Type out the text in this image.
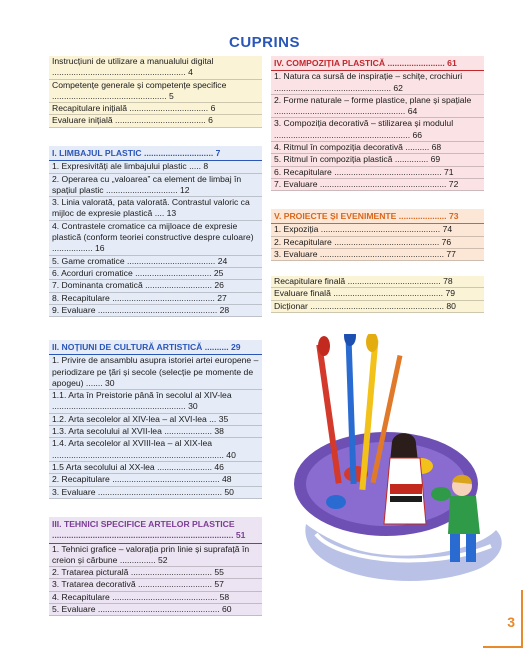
CUPRINS
Instrucțiuni de utilizare a manualului digital ........................................................ 4
Competențe generale și competențe specifice ................................................ 5
Recapitulare inițială ................................. 6
Evaluare inițială ...................................... 6
I. LIMBAJUL PLASTIC ............................. 7
1. Expresivități ale limbajului plastic ..... 8
2. Operarea cu „valoarea” ca element de limbaj în spațiul plastic .............................. 12
3. Linia valorată, pata valorată. Contrastul valoric ca mijloc de expresie plastică .... 13
4. Contrastele cromatice ca mijloace de expresie plastică (conform teoriei constructive despre culoare) ................. 16
5. Game cromatice ..................................... 24
6. Acorduri cromatice ................................ 25
7. Dominanta cromatică ............................ 26
8. Recapitulare ........................................... 27
9. Evaluare .................................................. 28
II. NOȚIUNI DE CULTURĂ ARTISTICĂ .......... 29
1. Privire de ansamblu asupra istoriei artei europene – periodizare pe țări și secole (selecție pe momente de apogeu) ....... 30
1.1. Arta în Preistorie până în secolul al XIV-lea ........................................................ 30
1.2. Arta secolelor al XIV-lea – al XVI-lea ... 35
1.3. Arta secolului al XVII-lea .................... 38
1.4. Arta secolelor al XVIII-lea – al XIX-lea ........................................................................ 40
1.5 Arta secolului al XX-lea ....................... 46
2. Recapitulare ............................................. 48
3. Evaluare .................................................... 50
III. TEHNICI SPECIFICE ARTELOR PLASTICE ............................................................................ 51
1. Tehnici grafice – valorația prin linie și suprafață în creion și cărbune ............... 52
2. Tratarea picturală .................................. 55
3. Tratarea decorativă ............................... 57
4. Recapitulare ............................................ 58
5. Evaluare ................................................... 60
IV. COMPOZIȚIA PLASTICĂ ........................ 61
1. Natura ca sursă de inspirație – schițe, crochiuri ................................................. 62
2. Forme naturale – forme plastice, plane și spațiale ....................................................... 64
3. Compoziția decorativă – stilizarea și modulul ......................................................... 66
4. Ritmul în compoziția decorativă .......... 68
5. Ritmul în compoziția plastică .............. 69
6. Recapitulare ............................................. 71
7. Evaluare ..................................................... 72
V. PROIECTE ȘI EVENIMENTE .................... 73
1. Expoziția .................................................. 74
2. Recapitulare ............................................ 76
3. Evaluare .................................................... 77
Recapitulare finală ....................................... 78
Evaluare finală .............................................. 79
Dicționar ........................................................ 80
3
